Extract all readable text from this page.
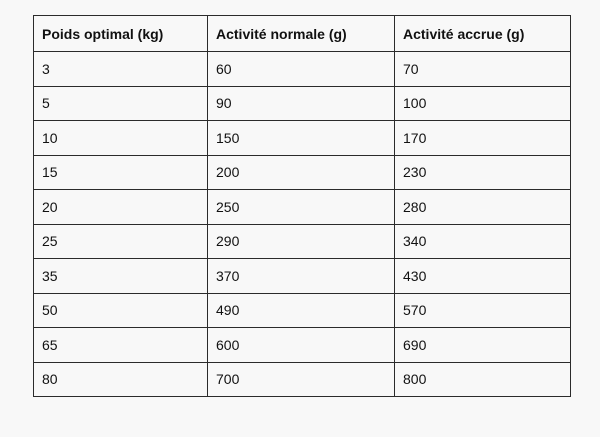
Poids optimal (kg)	Activité normale (g)	Activité accrue (g)
3	60	70
5	90	100
10	150	170
15	200	230
20	250	280
25	290	340
35	370	430
50	490	570
65	600	690
80	700	800
